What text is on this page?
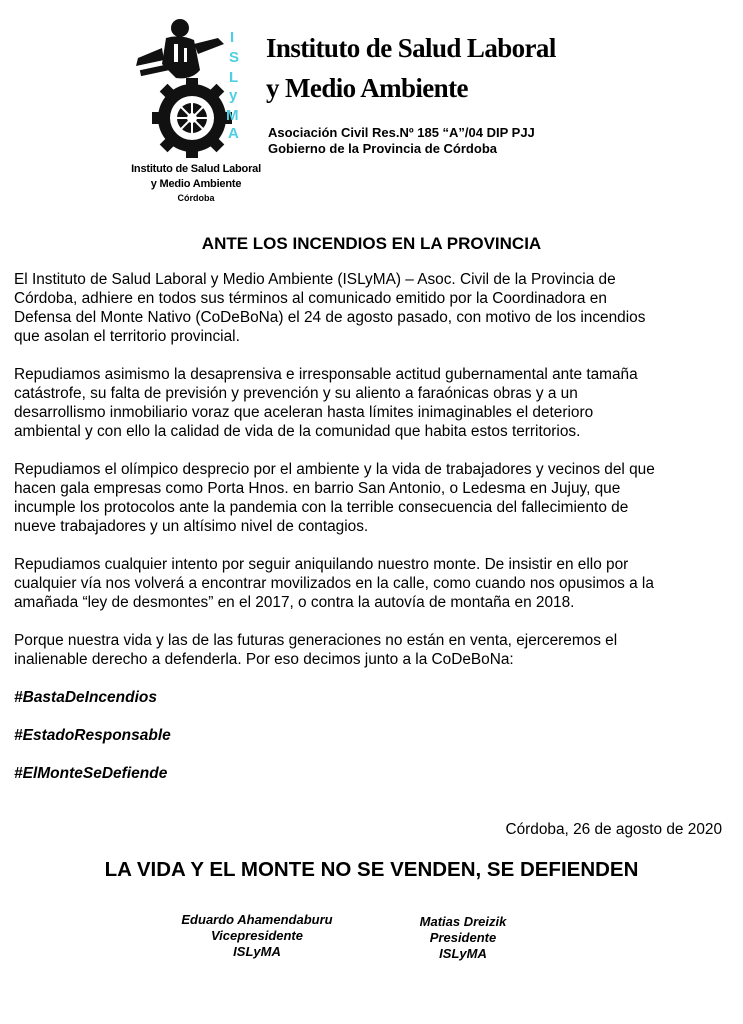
I
S
L
y
M
A
Instituto de Salud Laboral
y Medio Ambiente
Córdoba
Instituto de Salud Laboral
y Medio Ambiente
Asociación Civil Res.Nº 185 “A”/04 DIP PJJ
Gobierno de la Provincia de Córdoba
ANTE LOS INCENDIOS EN LA PROVINCIA

El Instituto de Salud Laboral y Medio Ambiente (ISLyMA) – Asoc. Civil de la Provincia de
Córdoba, adhiere en todos sus términos al comunicado emitido por la Coordinadora en
Defensa del Monte Nativo (CoDeBoNa) el 24 de agosto pasado, con motivo de los incendios
que asolan el territorio provincial.

Repudiamos asimismo la desaprensiva e irresponsable actitud gubernamental ante tamaña
catástrofe, su falta de previsión y prevención y su aliento a faraónicas obras y a un
desarrollismo inmobiliario voraz que aceleran hasta límites inimaginables el deterioro
ambiental y con ello la calidad de vida de la comunidad que habita estos territorios.

Repudiamos el olímpico desprecio por el ambiente y la vida de trabajadores y vecinos del que
hacen gala empresas como Porta Hnos. en barrio San Antonio, o Ledesma en Jujuy, que
incumple los protocolos ante la pandemia con la terrible consecuencia del fallecimiento de
nueve trabajadores y un altísimo nivel de contagios.

Repudiamos cualquier intento por seguir aniquilando nuestro monte. De insistir en ello por
cualquier vía nos volverá a encontrar movilizados en la calle, como cuando nos opusimos a la
amañada “ley de desmontes” en el 2017, o contra la autovía de montaña en 2018.

Porque nuestra vida y las de las futuras generaciones no están en venta, ejerceremos el
inalienable derecho a defenderla. Por eso decimos junto a la CoDeBoNa:

#BastaDeIncendios
#EstadoResponsable
#ElMonteSeDefiende
Córdoba, 26 de agosto de 2020
LA VIDA Y EL MONTE NO SE VENDEN, SE DEFIENDEN
Eduardo Ahamendaburu
Vicepresidente
ISLyMA
Matias Dreizik
Presidente
ISLyMA
